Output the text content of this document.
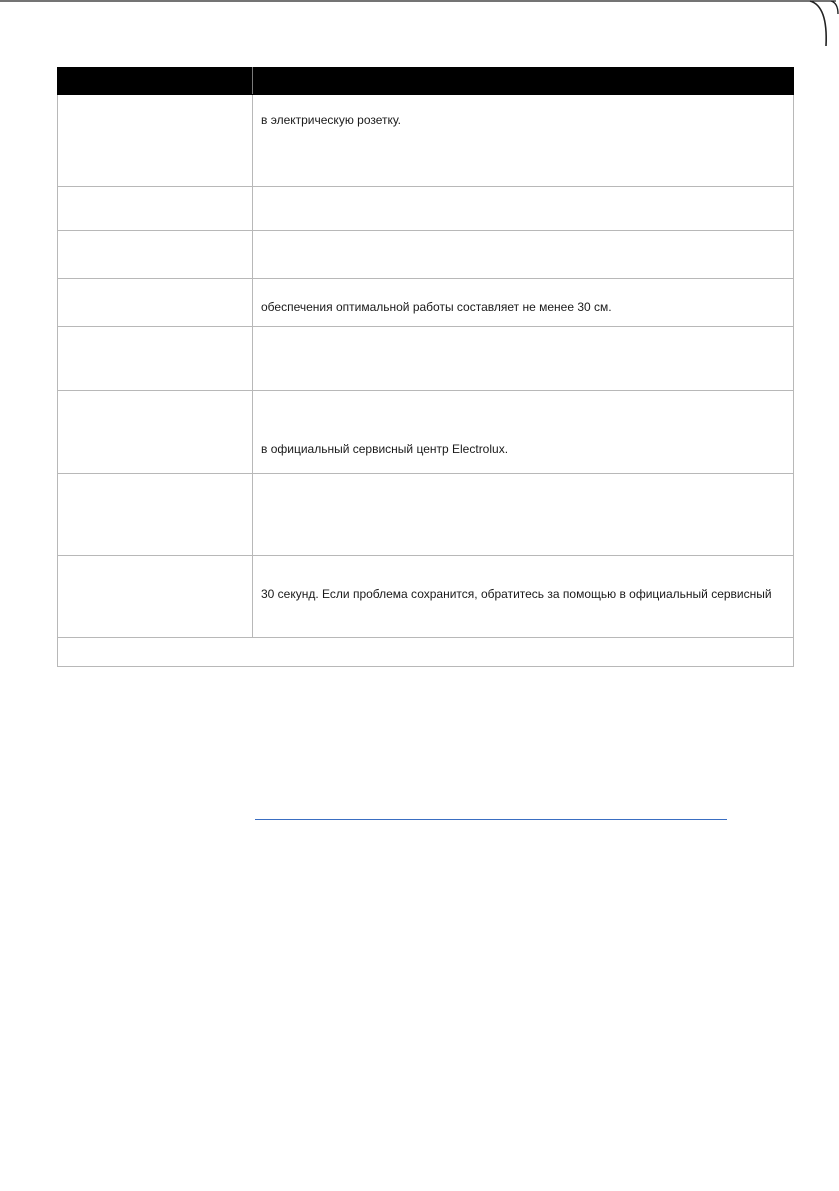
	в электрическую розетку.

	обеспечения оптимальной работы составляет не менее 30 см.

	в официальный сервисный центр Electrolux.

	30 секунд. Если проблема сохранится, обратитесь за помощью в официальный сервисный
